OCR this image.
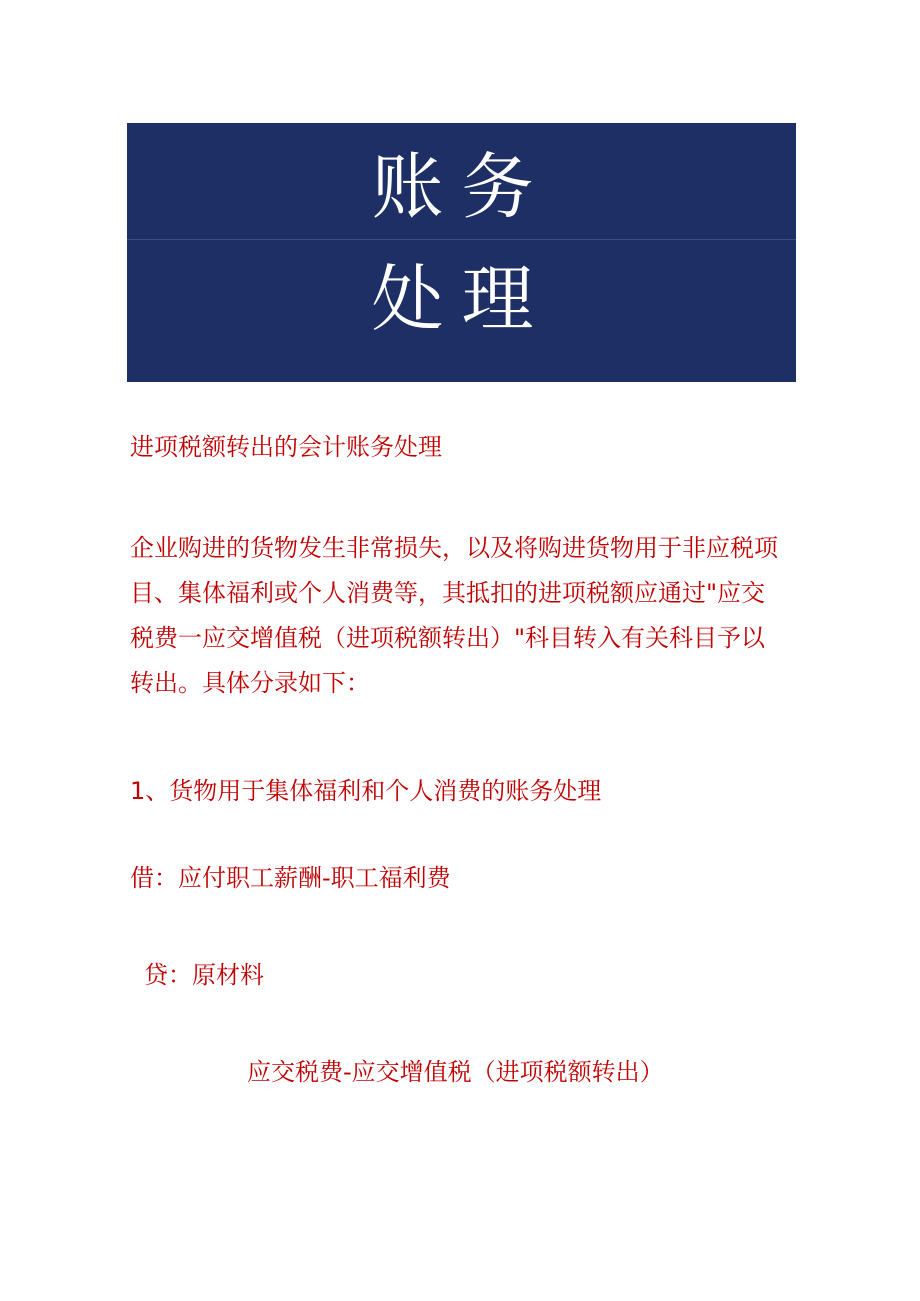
账务
处理
进项税额转出的会计账务处理
企业购进的货物发生非常损失，以及将购进货物用于非应税项
目、集体福利或个人消费等，其抵扣的进项税额应通过"应交
税费一应交增值税（进项税额转出）"科目转入有关科目予以
转出。具体分录如下：
1、货物用于集体福利和个人消费的账务处理
借：应付职工薪酬-职工福利费
贷：原材料
应交税费-应交增值税（进项税额转出）
